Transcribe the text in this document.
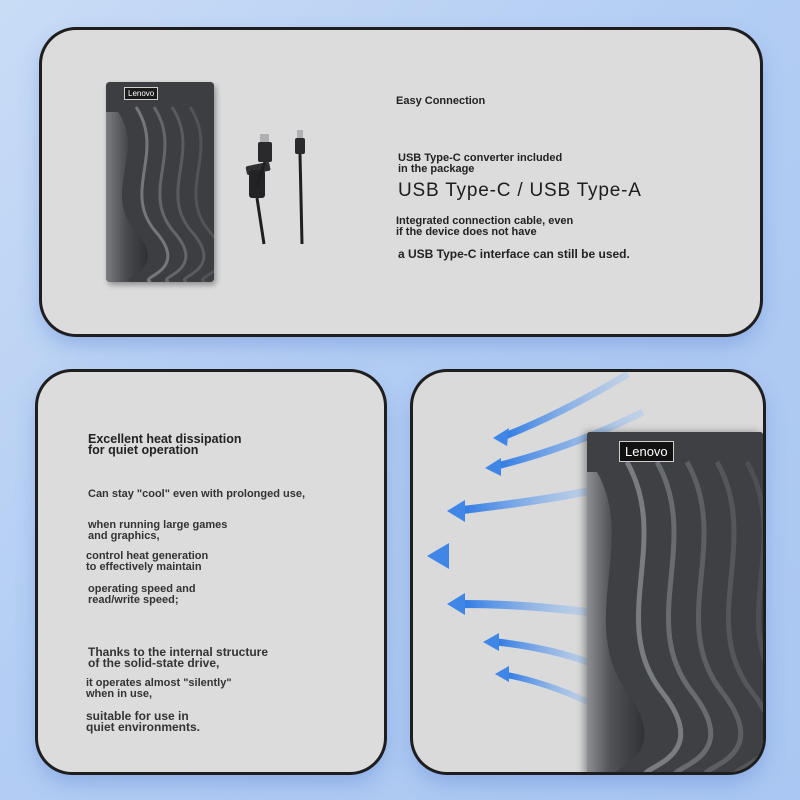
Lenovo

Easy Connection

USB Type-C converter included
in the package

USB Type-C / USB Type-A

Integrated connection cable, even
if the device does not have

a USB Type-C interface can still be used.

Excellent heat dissipation
for quiet operation

Can stay "cool" even with prolonged use,

when running large games
and graphics,

control heat generation
to effectively maintain

operating speed and
read/write speed;

Thanks to the internal structure
of the solid-state drive,

it operates almost "silently"
when in use,

suitable for use in
quiet environments.

Lenovo
